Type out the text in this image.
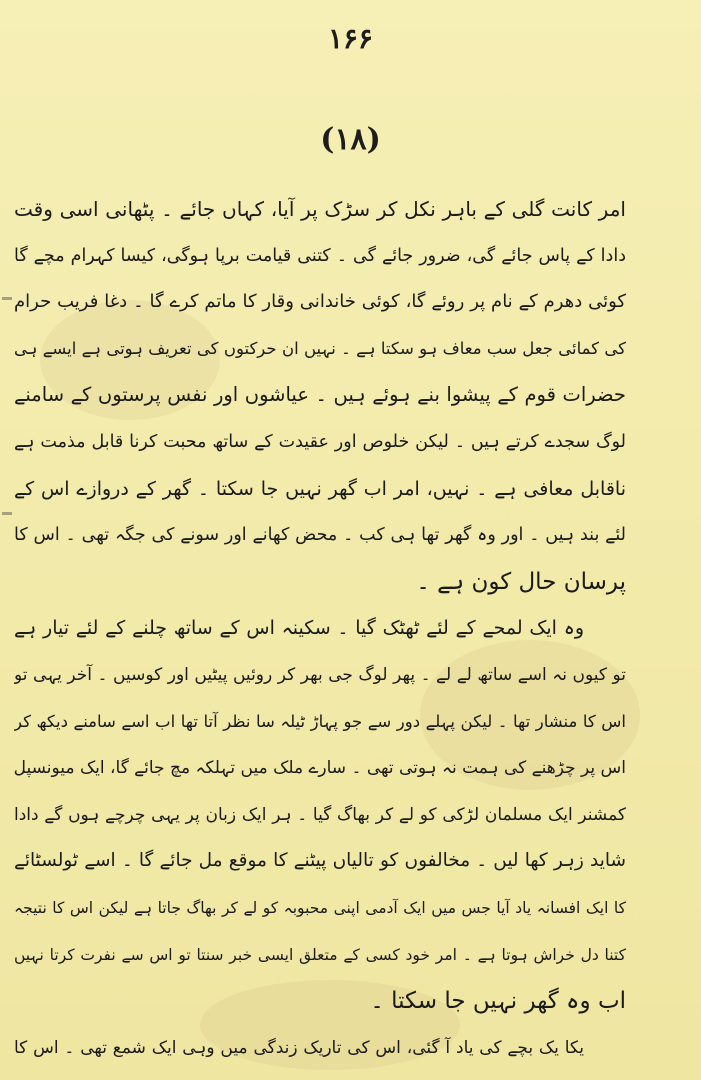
۱۶۶
(۱۸)
امر کانت گلی کے باہر نکل کر سڑک پر آیا، کہاں جائے ۔ پٹھانی اسی وقت
دادا کے پاس جائے گی، ضرور جائے گی ۔ کتنی قیامت برپا ہوگی، کیسا کہرام مچے گا
کوئی دھرم کے نام پر روئے گا، کوئی خاندانی وقار کا ماتم کرے گا ۔ دغا فریب حرام
کی کمائی جعل سب معاف ہو سکتا ہے ۔ نہیں ان حرکتوں کی تعریف ہوتی ہے ایسے ہی
حضرات قوم کے پیشوا بنے ہوئے ہیں ۔ عیاشوں اور نفس پرستوں کے سامنے
لوگ سجدے کرتے ہیں ۔ لیکن خلوص اور عقیدت کے ساتھ محبت کرنا قابل مذمت ہے
ناقابل معافی ہے ۔ نہیں، امر اب گھر نہیں جا سکتا ۔ گھر کے دروازے اس کے
لئے بند ہیں ۔ اور وہ گھر تھا ہی کب ۔ محض کھانے اور سونے کی جگہ تھی ۔ اس کا
پرسان حال کون ہے ۔
وہ ایک لمحے کے لئے ٹھٹک گیا ۔ سکینہ اس کے ساتھ چلنے کے لئے تیار ہے
تو کیوں نہ اسے ساتھ لے لے ۔ پھر لوگ جی بھر کر روئیں پیٹیں اور کوسیں ۔ آخر یہی تو
اس کا منشار تھا ۔ لیکن پہلے دور سے جو پہاڑ ٹیلہ سا نظر آتا تھا اب اسے سامنے دیکھ کر
اس پر چڑھنے کی ہمت نہ ہوتی تھی ۔ سارے ملک میں تہلکہ مچ جائے گا، ایک میونسپل
کمشنر ایک مسلمان لڑکی کو لے کر بھاگ گیا ۔ ہر ایک زبان پر یہی چرچے ہوں گے دادا
شاید زہر کھا لیں ۔ مخالفوں کو تالیاں پیٹنے کا موقع مل جائے گا ۔ اسے ٹولسٹائے
کا ایک افسانہ یاد آیا جس میں ایک آدمی اپنی محبوبہ کو لے کر بھاگ جاتا ہے لیکن اس کا نتیجہ
کتنا دل خراش ہوتا ہے ۔ امر خود کسی کے متعلق ایسی خبر سنتا تو اس سے نفرت کرتا نہیں
اب وہ گھر نہیں جا سکتا ۔
یکا یک بچے کی یاد آ گئی، اس کی تاریک زندگی میں وہی ایک شمع تھی ۔ اس کا
